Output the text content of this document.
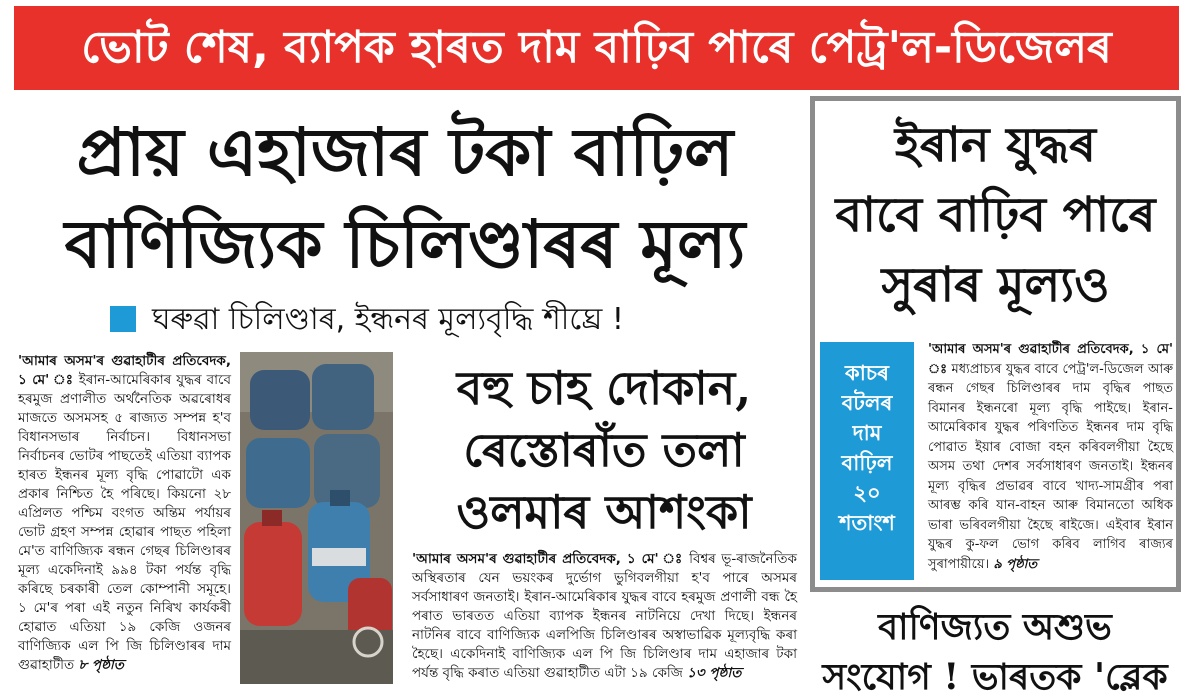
ভোট শেষ, ব্যাপক হাৰত দাম বাঢ়িব পাৰে পেট্ৰ'ল-ডিজেলৰ
প্ৰায় এহাজাৰ টকা বাঢ়িল
বাণিজ্যিক চিলিণ্ডাৰৰ মূল্য
ঘৰুৱা চিলিণ্ডাৰ, ইন্ধনৰ মূল্যবৃদ্ধি শীঘ্ৰে !
'আমাৰ অসম'ৰ গুৱাহাটীৰ প্ৰতিবেদক, ১ মে' ঃ ইৰান-আমেৰিকাৰ যুদ্ধৰ বাবে হৰমুজ প্ৰণালীত অৰ্থনৈতিক অৱৰোধৰ মাজতে অসমসহ ৫ ৰাজ্যত সম্পন্ন হ'ব বিধানসভাৰ নিৰ্বাচন। বিধানসভা নিৰ্বাচনৰ ভোটৰ পাছতেই এতিয়া ব্যাপক হাৰত ইন্ধনৰ মূল্য বৃদ্ধি পোৱাটো এক প্ৰকাৰ নিশ্চিত হৈ পৰিছে। কিয়নো ২৮ এপ্ৰিলত পশ্চিম বংগত অন্তিম পৰ্যায়ৰ ভোট গ্ৰহণ সম্পন্ন হোৱাৰ পাছত পহিলা মে'ত বাণিজ্যিক ৰন্ধন গেছৰ চিলিণ্ডাৰৰ মূল্য একেদিনাই ৯৯৪ টকা পৰ্যন্ত বৃদ্ধি কৰিছে চৰকাৰী তেল কোম্পানী সমূহে। ১ মে'ৰ পৰা এই নতুন নিৰিখ কাৰ্যকৰী হোৱাত এতিয়া ১৯ কেজি ওজনৰ বাণিজ্যিক এল পি জি চিলিণ্ডাৰৰ দাম গুৱাহাটীত ৮ পৃষ্ঠাত
বহু চাহ দোকান,
ৰেস্তোৰাঁত তলা
ওলমাৰ আশংকা
'আমাৰ অসম'ৰ গুৱাহাটীৰ প্ৰতিবেদক, ১ মে' ঃ বিশ্বৰ ভূ-ৰাজনৈতিক অস্থিৰতাৰ যেন ভয়ংকৰ দুৰ্ভোগ ভুগিবলগীয়া হ'ব পাৰে অসমৰ সৰ্বসাধাৰণ জনতাই। ইৰান-আমেৰিকাৰ যুদ্ধৰ বাবে হৰমুজ প্ৰণালী বন্ধ হৈ পৰাত ভাৰতত এতিয়া ব্যাপক ইন্ধনৰ নাটনিয়ে দেখা দিছে। ইন্ধনৰ নাটনিৰ বাবে বাণিজ্যিক এলপিজি চিলিণ্ডাৰৰ অস্বাভাৱিক মূল্যবৃদ্ধি কৰা হৈছে। একেদিনাই বাণিজ্যিক এল পি জি চিলিণ্ডাৰ দাম এহাজাৰ টকা পৰ্যন্ত বৃদ্ধি কৰাত এতিয়া গুৱাহাটীত এটা ১৯ কেজি ১৩ পৃষ্ঠাত
ইৰান যুদ্ধৰ
বাবে বাঢ়িব পাৰে
সুৰাৰ মূল্যও
কাচৰ
বটলৰ
দাম
বাঢ়িল
২০
শতাংশ
'আমাৰ অসম'ৰ গুৱাহাটীৰ প্ৰতিবেদক, ১ মে' ঃ মধ্যপ্ৰাচ্যৰ যুদ্ধৰ বাবে পেট্ৰ'ল-ডিজেল আৰু ৰন্ধন গেছৰ চিলিণ্ডাৰৰ দাম বৃদ্ধিৰ পাছত বিমানৰ ইন্ধনৰো মূল্য বৃদ্ধি পাইছে। ইৰান-আমেৰিকাৰ যুদ্ধৰ পৰিণতিত ইন্ধনৰ দাম বৃদ্ধি পোৱাত ইয়াৰ বোজা বহন কৰিবলগীয়া হৈছে অসম তথা দেশৰ সৰ্বসাধাৰণ জনতাই। ইন্ধনৰ মূল্য বৃদ্ধিৰ প্ৰভাৱৰ বাবে খাদ্য-সামগ্ৰীৰ পৰা আৰম্ভ কৰি যান-বাহন আৰু বিমানতো অধিক ভাৰা ভৰিবলগীয়া হৈছে ৰাইজে। এইবাৰ ইৰান যুদ্ধৰ কু-ফল ভোগ কৰিব লাগিব ৰাজ্যৰ সুৰাপায়ীয়ে। ৯ পৃষ্ঠাত
বাণিজ্যত অশুভ
সংযোগ ! ভাৰতক 'ব্লেক
